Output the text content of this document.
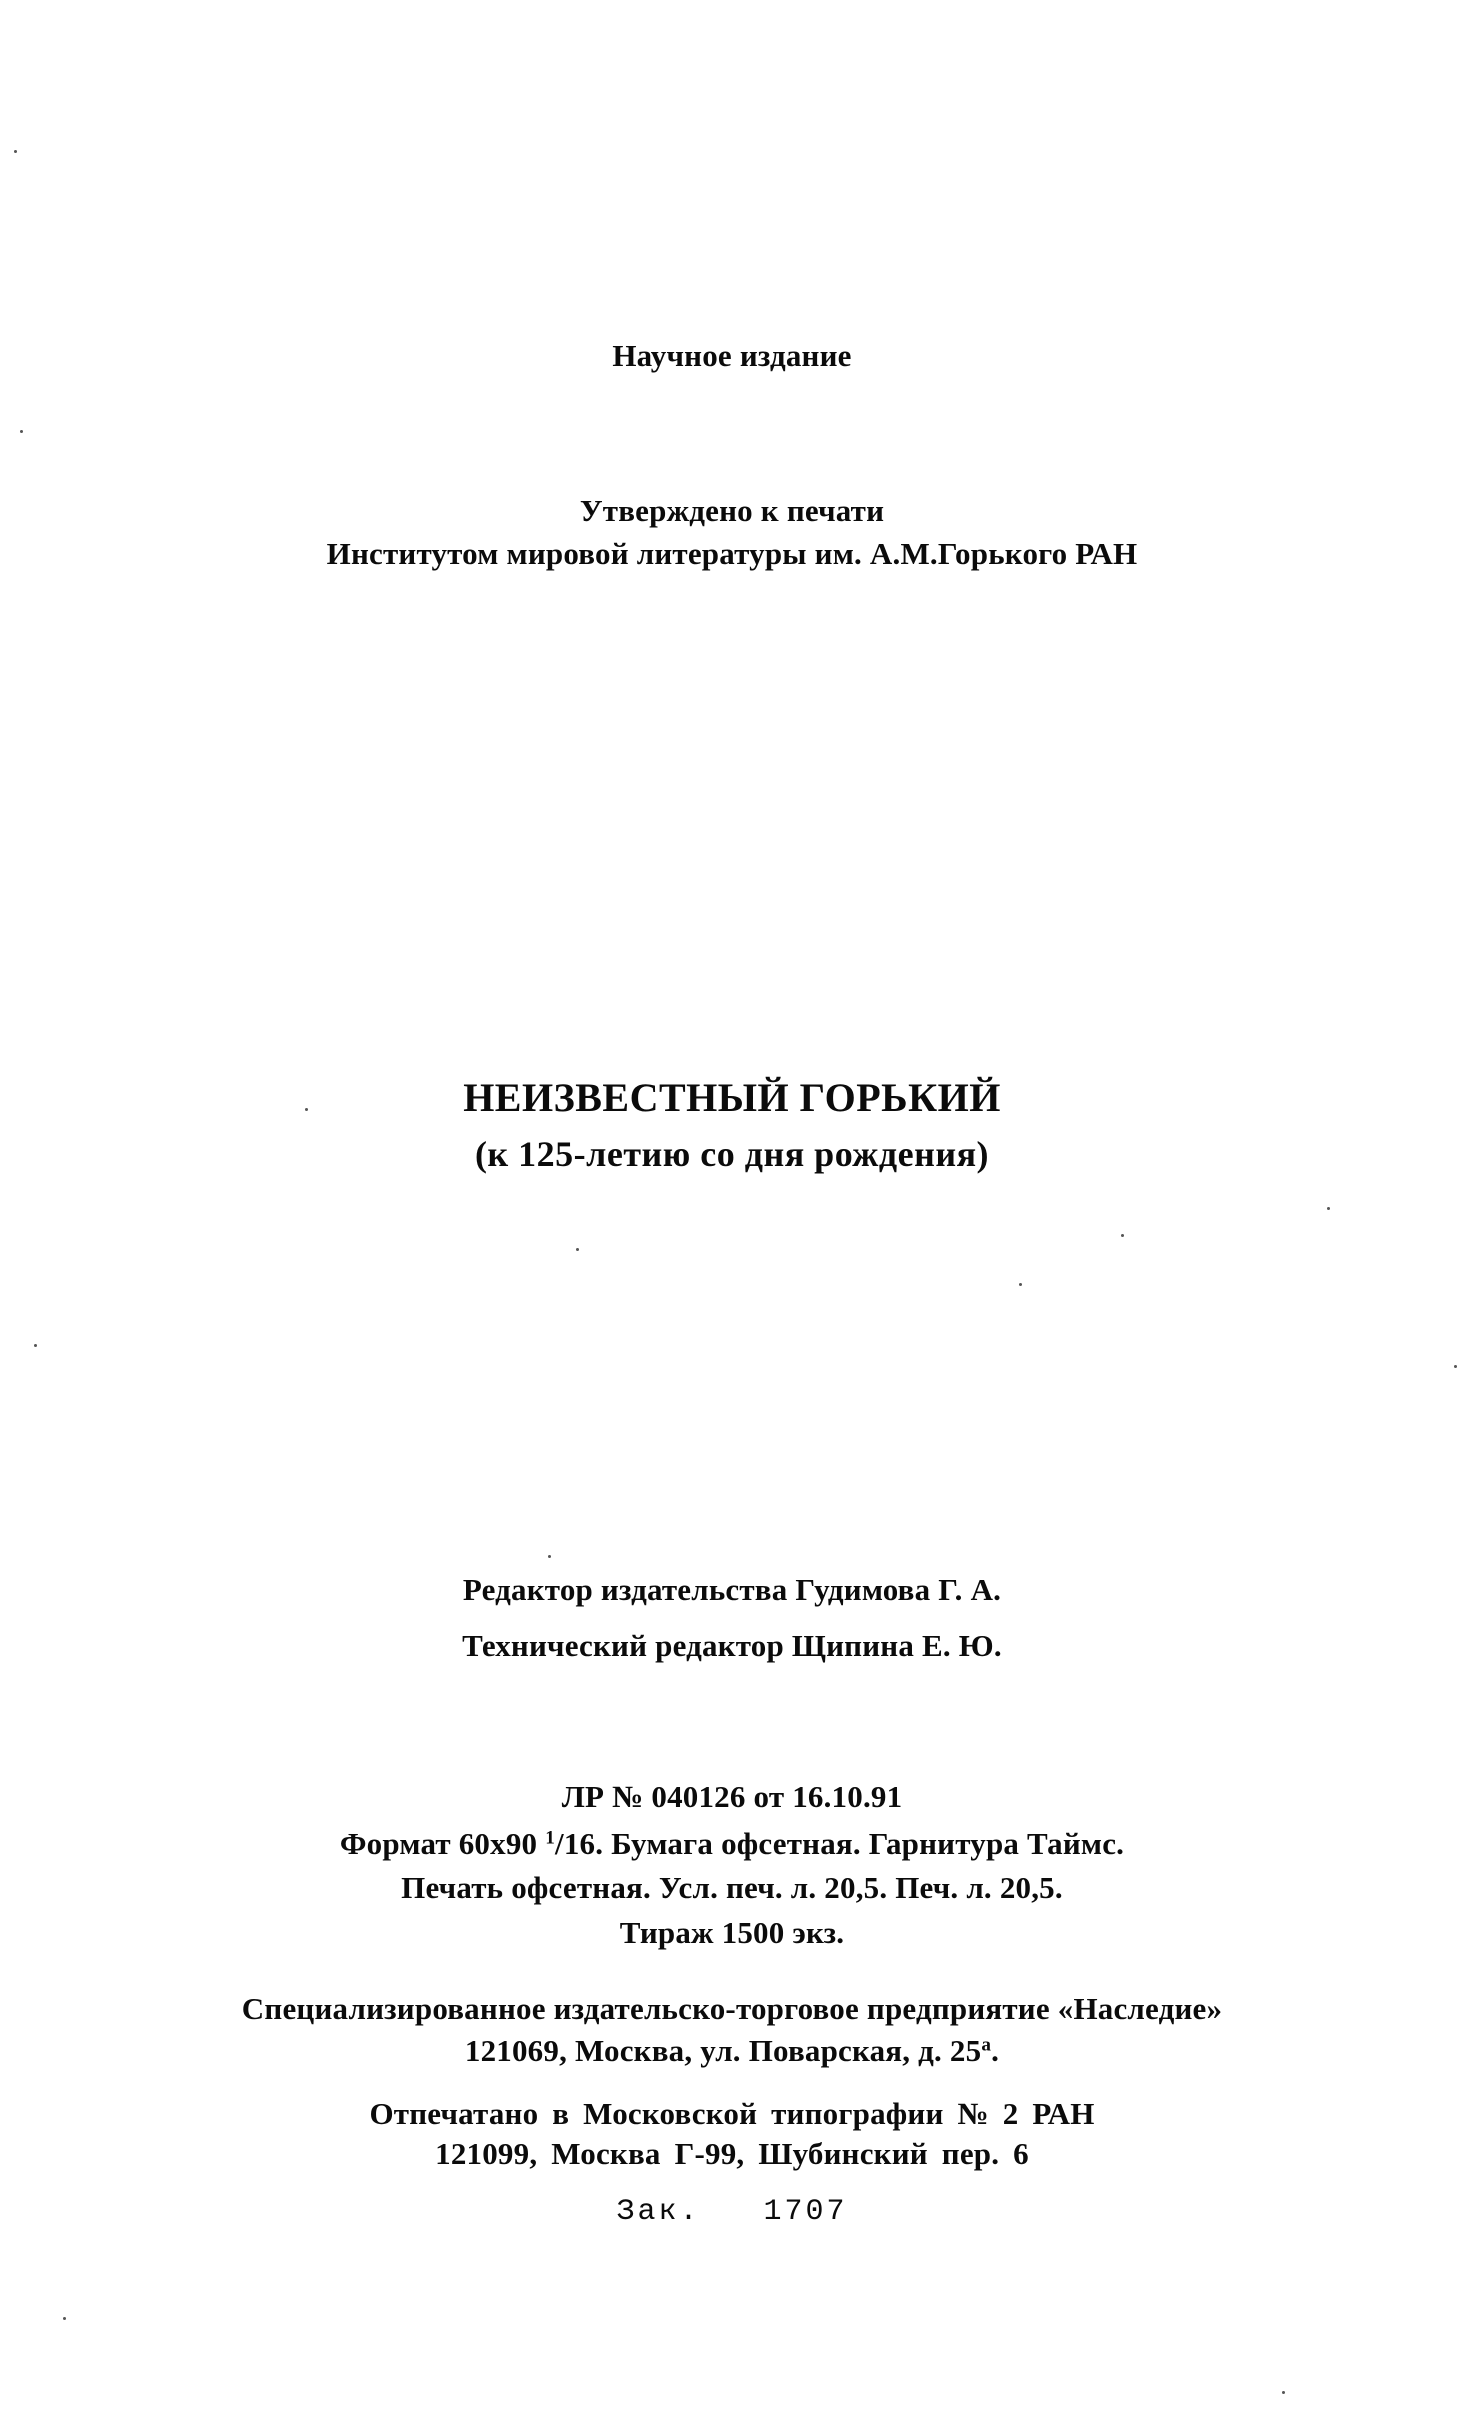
Научное издание
Утверждено к печати
Институтом мировой литературы им. А.М.Горького РАН
НЕИЗВЕСТНЫЙ ГОРЬКИЙ
(к 125-летию со дня рождения)
Редактор издательства Гудимова Г. А.
Технический редактор Щипина Е. Ю.
ЛР № 040126 от 16.10.91
Формат 60х90 $^1$/16. Бумага офсетная. Гарнитура Таймс.
Печать офсетная. Усл. печ. л. 20,5. Печ. л. 20,5.
Тираж 1500 экз.
Специализированное издательско-торговое предприятие «Наследие»
121069, Москва, ул. Поварская, д. $25^а$.
Отпечатано в Московской типографии № 2 РАН
121099, Москва Г-99, Шубинский пер. 6
Зак. 1707
